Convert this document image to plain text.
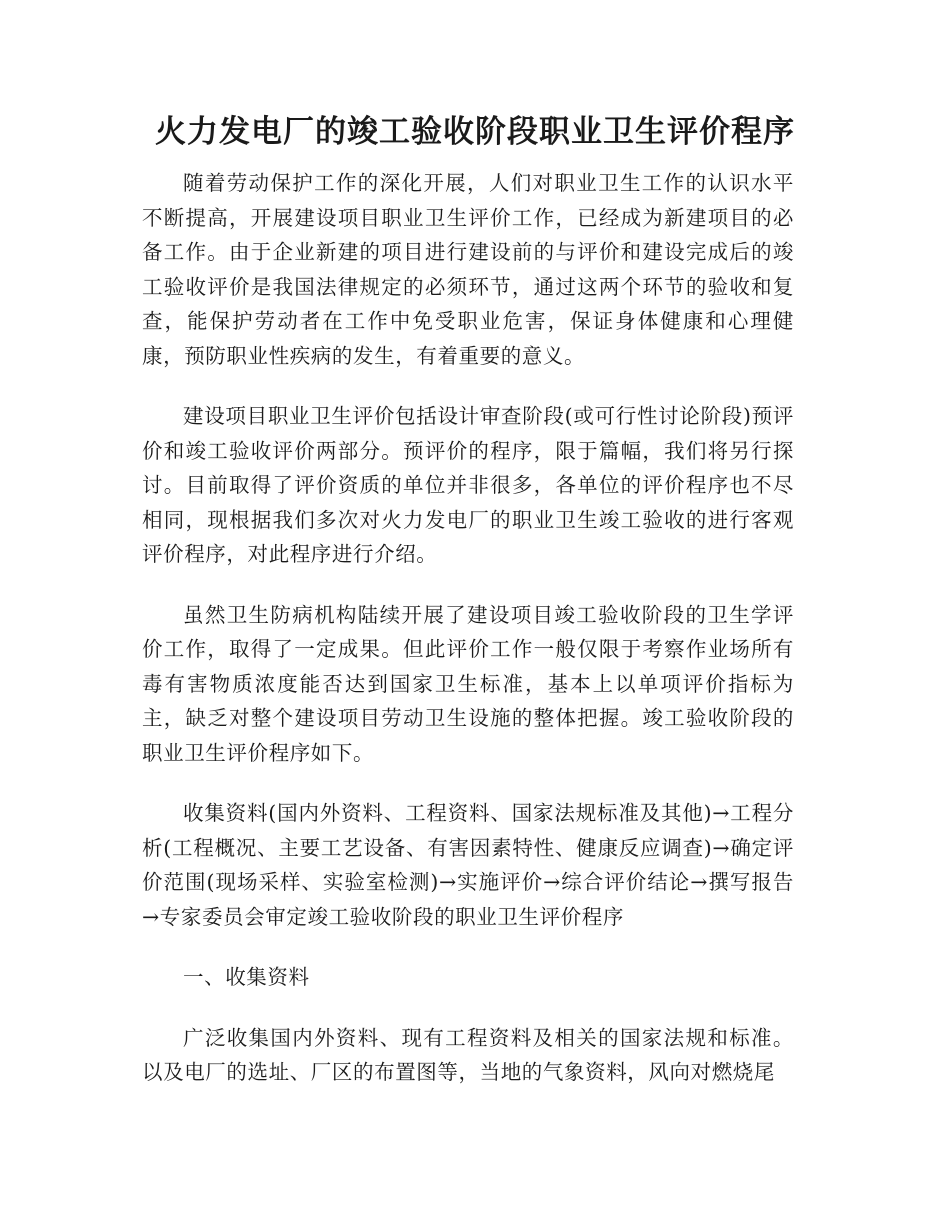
火力发电厂的竣工验收阶段职业卫生评价程序

随着劳动保护工作的深化开展，人们对职业卫生工作的认识水平不断提高，开展建设项目职业卫生评价工作，已经成为新建项目的必备工作。由于企业新建的项目进行建设前的与评价和建设完成后的竣工验收评价是我国法律规定的必须环节，通过这两个环节的验收和复查，能保护劳动者在工作中免受职业危害，保证身体健康和心理健康，预防职业性疾病的发生，有着重要的意义。

建设项目职业卫生评价包括设计审查阶段(或可行性讨论阶段)预评价和竣工验收评价两部分。预评价的程序，限于篇幅，我们将另行探讨。目前取得了评价资质的单位并非很多，各单位的评价程序也不尽相同，现根据我们多次对火力发电厂的职业卫生竣工验收的进行客观评价程序，对此程序进行介绍。

虽然卫生防病机构陆续开展了建设项目竣工验收阶段的卫生学评价工作，取得了一定成果。但此评价工作一般仅限于考察作业场所有毒有害物质浓度能否达到国家卫生标准，基本上以单项评价指标为主，缺乏对整个建设项目劳动卫生设施的整体把握。竣工验收阶段的职业卫生评价程序如下。

收集资料(国内外资料、工程资料、国家法规标准及其他)→工程分析(工程概况、主要工艺设备、有害因素特性、健康反应调查)→确定评价范围(现场采样、实验室检测)→实施评价→综合评价结论→撰写报告→专家委员会审定竣工验收阶段的职业卫生评价程序

一、收集资料

广泛收集国内外资料、现有工程资料及相关的国家法规和标准。以及电厂的选址、厂区的布置图等，当地的气象资料，风向对燃烧尾
